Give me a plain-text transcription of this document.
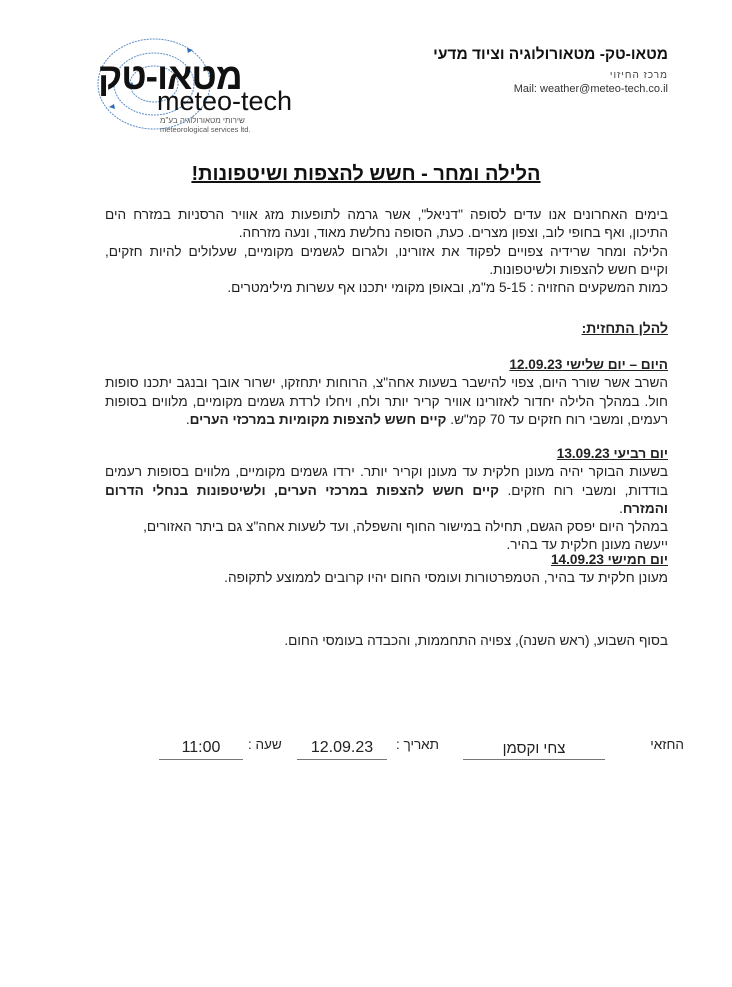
מטאו-טק
meteo-tech
שירותי מטאורולוגיה בע"מ
meteorological services ltd.
מטאו-טק- מטאורולוגיה וציוד מדעי
מרכז החיזוי
Mail: weather@meteo-tech.co.il
הלילה ומחר - חשש להצפות ושיטפונות!
בימים האחרונים אנו עדים לסופה "דניאל", אשר גרמה לתופעות מזג אוויר הרסניות במזרח הים
התיכון, ואף בחופי לוב, וצפון מצרים. כעת, הסופה נחלשת מאוד, ונעה מזרחה.
הלילה ומחר שרידיה צפויים לפקוד את אזורינו, ולגרום לגשמים מקומיים, שעלולים להיות חזקים,
וקיים חשש להצפות ולשיטפונות.
כמות המשקעים החזויה : 5-15 מ"מ, ובאופן מקומי יתכנו אף עשרות מילימטרים.
להלן התחזית:
היום – יום שלישי 12.09.23
השרב אשר שורר היום, צפוי להישבר בשעות אחה"צ, הרוחות יתחזקו, ישרור אובך ובנגב יתכנו סופות
חול. במהלך הלילה יחדור לאזורינו אוויר קריר יותר ולח, ויחלו לרדת גשמים מקומיים, מלווים בסופות
רעמים, ומשבי רוח חזקים עד 70 קמ"ש. קיים חשש להצפות מקומיות במרכזי הערים.
יום רביעי 13.09.23
בשעות הבוקר יהיה מעונן חלקית עד מעונן וקריר יותר. ירדו גשמים מקומיים, מלווים בסופות רעמים
בודדות, ומשבי רוח חזקים. קיים חשש להצפות במרכזי הערים, ולשיטפונות בנחלי הדרום והמזרח.
במהלך היום יפסק הגשם, תחילה במישור החוף והשפלה, ועד לשעות אחה"צ גם ביתר האזורים,
ייעשה מעונן חלקית עד בהיר.
יום חמישי 14.09.23
מעונן חלקית עד בהיר, הטמפרטורות ועומסי החום יהיו קרובים לממוצע לתקופה.
בסוף השבוע, (ראש השנה), צפויה התחממות, והכבדה בעומסי החום.
החזאי
צחי וקסמן
תאריך :
12.09.23
שעה :
11:00
